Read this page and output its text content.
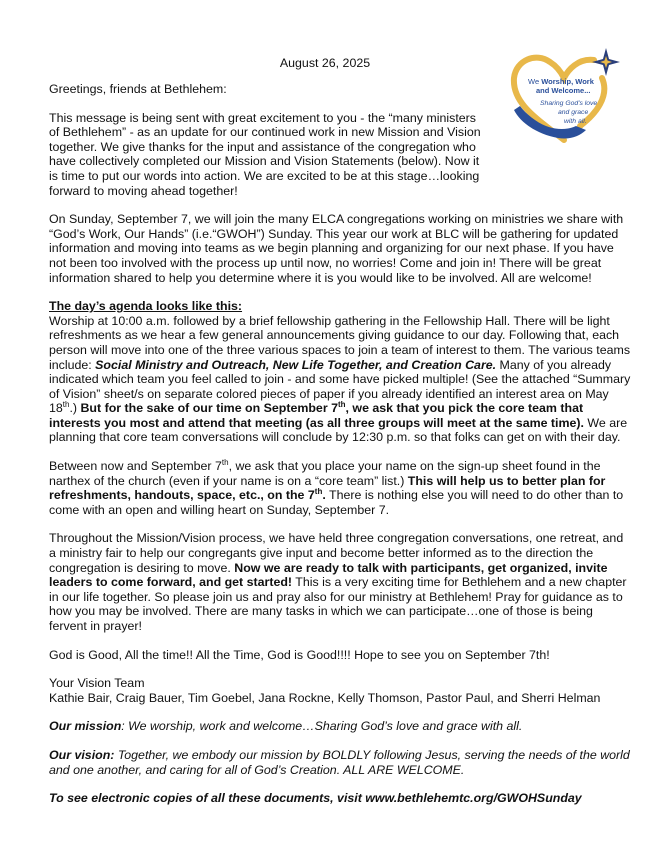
August 26, 2025
We Worship, Work
and Welcome...
Sharing God's love
and grace
with all.

Greetings, friends at Bethlehem:

This message is being sent with great excitement to you - the “many ministers of Bethlehem” - as an update for our continued work in new Mission and Vision together. We give thanks for the input and assistance of the congregation who have collectively completed our Mission and Vision Statements (below). Now it is time to put our words into action. We are excited to be at this stage…looking forward to moving ahead together!

On Sunday, September 7, we will join the many ELCA congregations working on ministries we share with “God’s Work, Our Hands” (i.e.“GWOH”) Sunday. This year our work at BLC will be gathering for updated information and moving into teams as we begin planning and organizing for our next phase. If you have not been too involved with the process up until now, no worries! Come and join in! There will be great information shared to help you determine where it is you would like to be involved. All are welcome!

The day’s agenda looks like this:

Worship at 10:00 a.m. followed by a brief fellowship gathering in the Fellowship Hall. There will be light refreshments as we hear a few general announcements giving guidance to our day. Following that, each person will move into one of the three various spaces to join a team of interest to them. The various teams include: Social Ministry and Outreach, New Life Together, and Creation Care. Many of you already indicated which team you feel called to join - and some have picked multiple! (See the attached “Summary of Vision” sheet/s on separate colored pieces of paper if you already identified an interest area on May 18th.) But for the sake of our time on September 7th, we ask that you pick the core team that interests you most and attend that meeting (as all three groups will meet at the same time). We are planning that core team conversations will conclude by 12:30 p.m. so that folks can get on with their day.

Between now and September 7th, we ask that you place your name on the sign-up sheet found in the narthex of the church (even if your name is on a “core team” list.) This will help us to better plan for refreshments, handouts, space, etc., on the 7th. There is nothing else you will need to do other than to come with an open and willing heart on Sunday, September 7.

Throughout the Mission/Vision process, we have held three congregation conversations, one retreat, and a ministry fair to help our congregants give input and become better informed as to the direction the congregation is desiring to move. Now we are ready to talk with participants, get organized, invite leaders to come forward, and get started! This is a very exciting time for Bethlehem and a new chapter in our life together. So please join us and pray also for our ministry at Bethlehem! Pray for guidance as to how you may be involved. There are many tasks in which we can participate…one of those is being fervent in prayer!

God is Good, All the time!! All the Time, God is Good!!!! Hope to see you on September 7th!

Your Vision Team
Kathie Bair, Craig Bauer, Tim Goebel, Jana Rockne, Kelly Thomson, Pastor Paul, and Sherri Helman

Our mission: We worship, work and welcome…Sharing God’s love and grace with all.

Our vision: Together, we embody our mission by BOLDLY following Jesus, serving the needs of the world and one another, and caring for all of God’s Creation. ALL ARE WELCOME.

To see electronic copies of all these documents, visit www.bethlehemtc.org/GWOHSunday
